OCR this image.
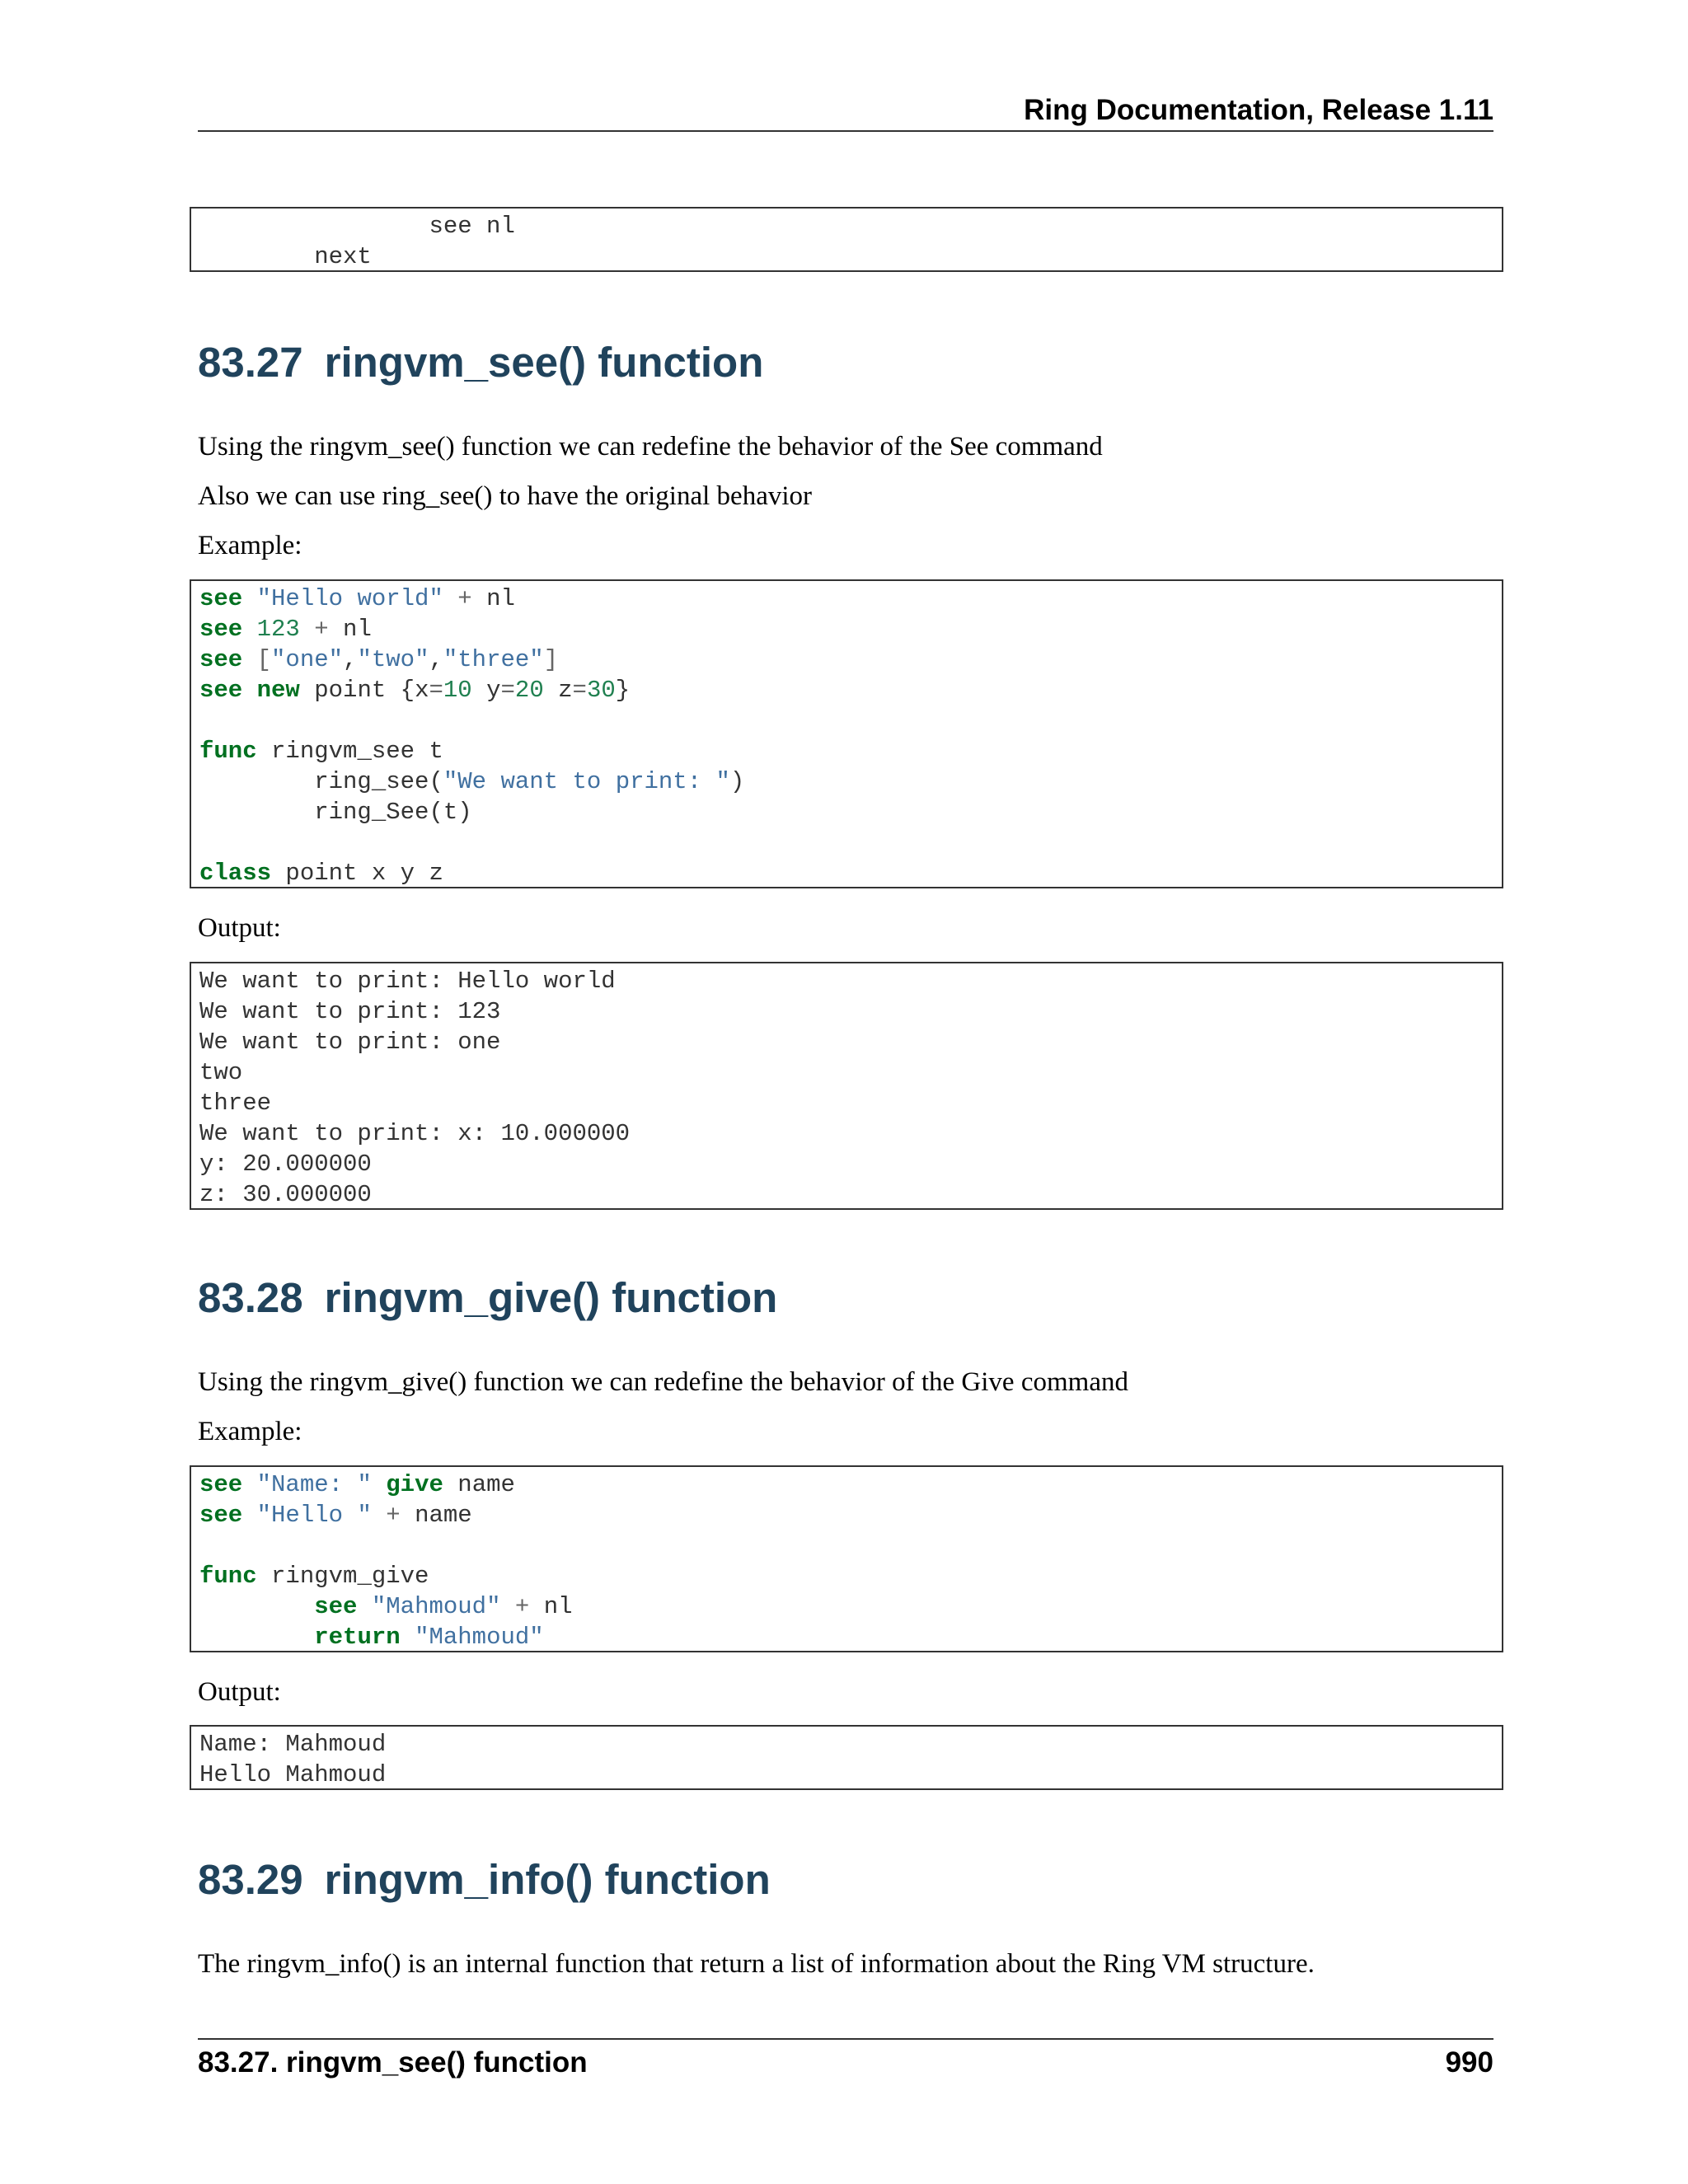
Ring Documentation, Release 1.11
see nl
next
83.27 ringvm_see() function

Using the ringvm_see() function we can redefine the behavior of the See command

Also we can use ring_see() to have the original behavior

Example:

see "Hello world" + nl
see 123 + nl
see ["one","two","three"]
see new point {x=10 y=20 z=30}
func ringvm_see t
ring_see("We want to print: ")
ring_See(t)
class point x y z

Output:

We want to print: Hello world
We want to print: 123
We want to print: one
two
three
We want to print: x: 10.000000
y: 20.000000
z: 30.000000
83.28 ringvm_give() function

Using the ringvm_give() function we can redefine the behavior of the Give command

Example:

see "Name: " give name
see "Hello " + name
func ringvm_give
see "Mahmoud" + nl
return "Mahmoud"

Output:

Name: Mahmoud
Hello Mahmoud
83.29 ringvm_info() function

The ringvm_info() is an internal function that return a list of information about the Ring VM structure.

83.27. ringvm_see() function	990
